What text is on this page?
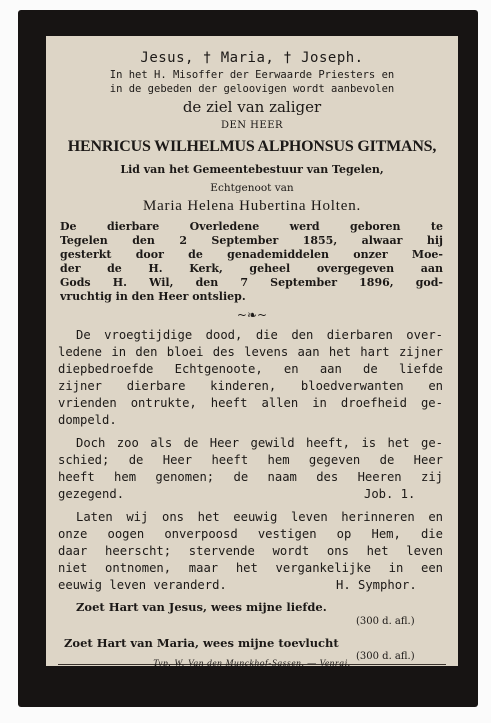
Jesus, † Maria, † Joseph.
In het H. Misoffer der Eerwaarde Priesters en
in de gebeden der geloovigen wordt aanbevolen
de ziel van zaliger
DEN HEER
HENRICUS WILHELMUS ALPHONSUS GITMANS,
Lid van het Gemeentebestuur van Tegelen,
Echtgenoot van
Maria Helena Hubertina Holten.
De dierbare Overledene werd geboren te
Tegelen den 2 September 1855, alwaar hij
gesterkt door de genademiddelen onzer Moe-
der de H. Kerk, geheel overgegeven aan
Gods H. Wil, den 7 September 1896, god-
vruchtig in den Heer ontsliep.
~❧~
De vroegtijdige dood, die den dierbaren over-
ledene in den bloei des levens aan het hart zijner
diepbedroefde Echtgenoote, en aan de liefde
zijner dierbare kinderen, bloedverwanten en
vrienden ontrukte, heeft allen in droefheid ge-
dompeld.
Doch zoo als de Heer gewild heeft, is het ge-
schied; de Heer heeft hem gegeven de Heer
heeft hem genomen; de naam des Heeren zij
gezegend.	Job. 1.
Laten wij ons het eeuwig leven herinneren en
onze oogen onverpoosd vestigen op Hem, die
daar heerscht; stervende wordt ons het leven
niet ontnomen, maar het vergankelijke in een
eeuwig leven veranderd.	H. Symphor.
Zoet Hart van Jesus, wees mijne liefde.
(300 d. afl.)
Zoet Hart van Maria, wees mijne toevlucht
(300 d. afl.)
Typ. W. Van den Munckhof-Sassen, — Venrai.
